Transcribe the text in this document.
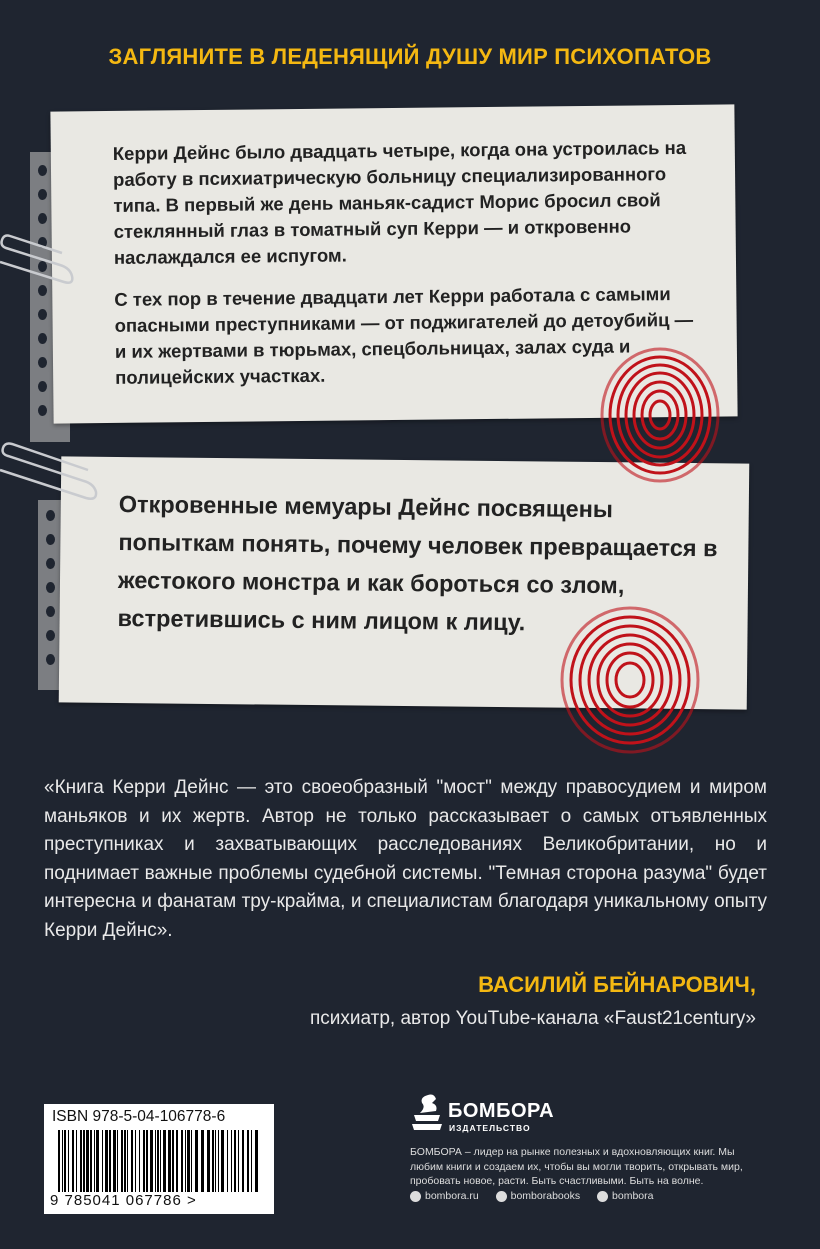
ЗАГЛЯНИТЕ В ЛЕДЕНЯЩИЙ ДУШУ МИР ПСИХОПАТОВ

Керри Дейнс было двадцать четыре, когда она устроилась на работу в психиатрическую больницу специализированного типа. В первый же день маньяк-садист Морис бросил свой стеклянный глаз в томатный суп Керри — и откровенно наслаждался ее испугом.

С тех пор в течение двадцати лет Керри работала с самыми опасными преступниками — от поджигателей до детоубийц — и их жертвами в тюрьмах, спецбольницах, залах суда и полицейских участках.

Откровенные мемуары Дейнс посвящены попыткам понять, почему человек превращается в жестокого монстра и как бороться со злом, встретившись с ним лицом к лицу.
«Книга Керри Дейнс — это своеобразный "мост" между правосудием и миром маньяков и их жертв. Автор не только рассказывает о самых отъявленных преступниках и захватывающих расследованиях Великобритании, но и поднимает важные проблемы судебной системы. "Темная сторона разума" будет интересна и фанатам тру-крайма, и специалистам благодаря уникальному опыту Керри Дейнс».
ВАСИЛИЙ БЕЙНАРОВИЧ,
психиатр, автор YouTube-канала «Faust21century»
ISBN 978-5-04-106778-6
9 785041 067786 >
БОМБОРА
ИЗДАТЕЛЬСТВО
БОМБОРА – лидер на рынке полезных и вдохновляющих книг. Мы любим книги и создаем их, чтобы вы могли творить, открывать мир, пробовать новое, расти. Быть счастливыми. Быть на волне.
bombora.ru
	bomborabooks
	bombora
